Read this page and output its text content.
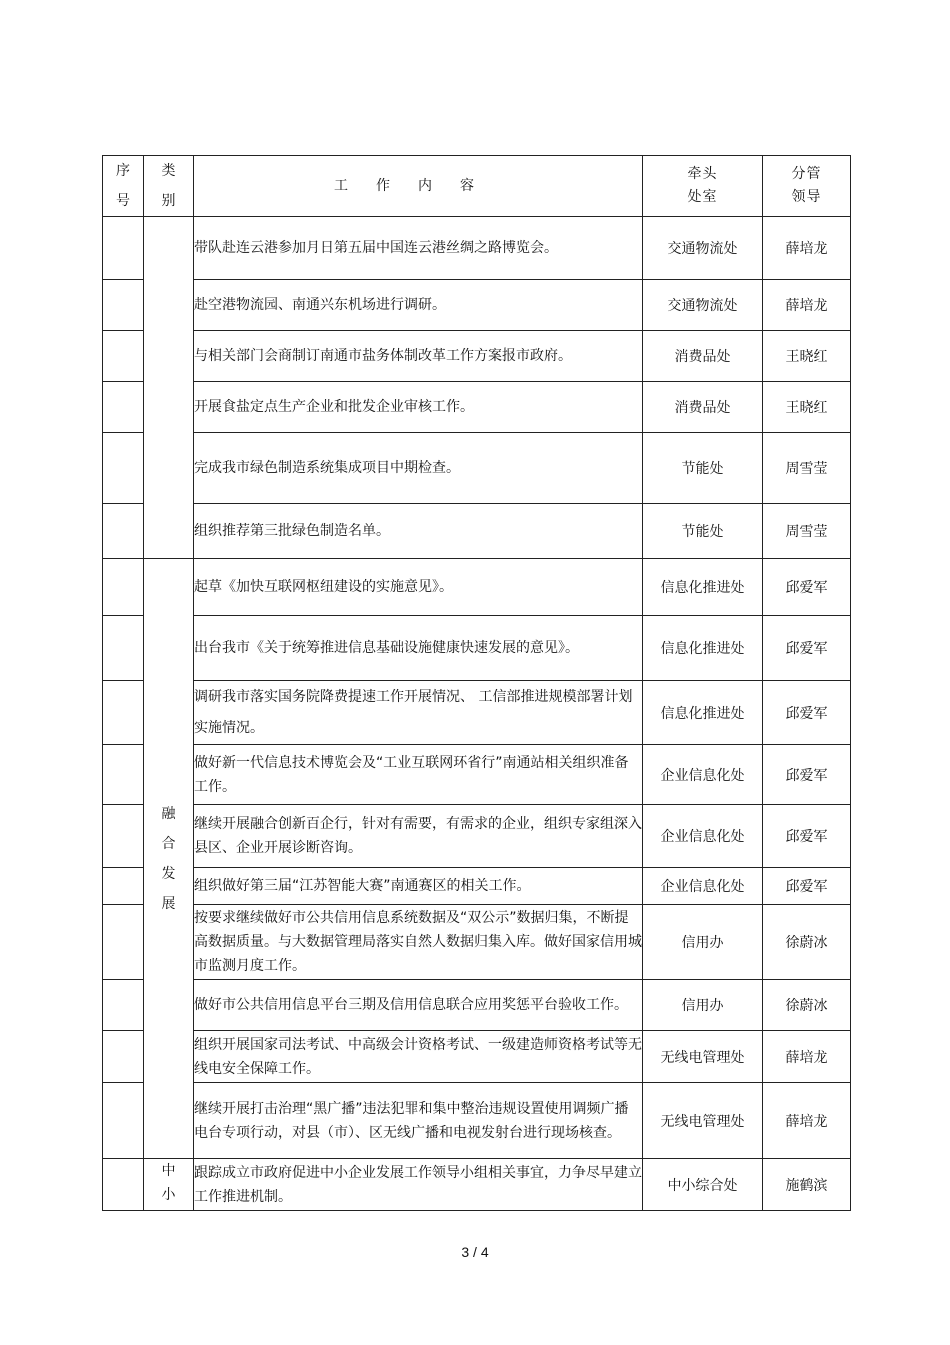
序号	类别	工作内容	牵头处室	分管领导
		带队赴连云港参加月日第五届中国连云港丝绸之路博览会。	交通物流处	薛培龙
		赴空港物流园、南通兴东机场进行调研。	交通物流处	薛培龙
		与相关部门会商制订南通市盐务体制改革工作方案报市政府。	消费品处	王晓红
		开展食盐定点生产企业和批发企业审核工作。	消费品处	王晓红
		完成我市绿色制造系统集成项目中期检查。	节能处	周雪莹
		组织推荐第三批绿色制造名单。	节能处	周雪莹
	融合发展	起草《加快互联网枢纽建设的实施意见》。	信息化推进处	邱爱军
		出台我市《关于统筹推进信息基础设施健康快速发展的意见》。	信息化推进处	邱爱军
		调研我市落实国务院降费提速工作开展情况、 工信部推进规模部署计划实施情况。	信息化推进处	邱爱军
		做好新一代信息技术博览会及“工业互联网环省行”南通站相关组织准备工作。	企业信息化处	邱爱军
		继续开展融合创新百企行，针对有需要，有需求的企业，组织专家组深入县区、企业开展诊断咨询。	企业信息化处	邱爱军
		组织做好第三届“江苏智能大赛”南通赛区的相关工作。	企业信息化处	邱爱军
		按要求继续做好市公共信用信息系统数据及“双公示”数据归集，不断提高数据质量。与大数据管理局落实自然人数据归集入库。做好国家信用城市监测月度工作。	信用办	徐蔚冰
		做好市公共信用信息平台三期及信用信息联合应用奖惩平台验收工作。	信用办	徐蔚冰
		组织开展国家司法考试、中高级会计资格考试、一级建造师资格考试等无线电安全保障工作。	无线电管理处	薛培龙
		继续开展打击治理“黑广播”违法犯罪和集中整治违规设置使用调频广播电台专项行动，对县（市）、区无线广播和电视发射台进行现场核查。	无线电管理处	薛培龙
	中小	跟踪成立市政府促进中小企业发展工作领导小组相关事宜，力争尽早建立工作推进机制。	中小综合处	施鹤滨
3 / 4
